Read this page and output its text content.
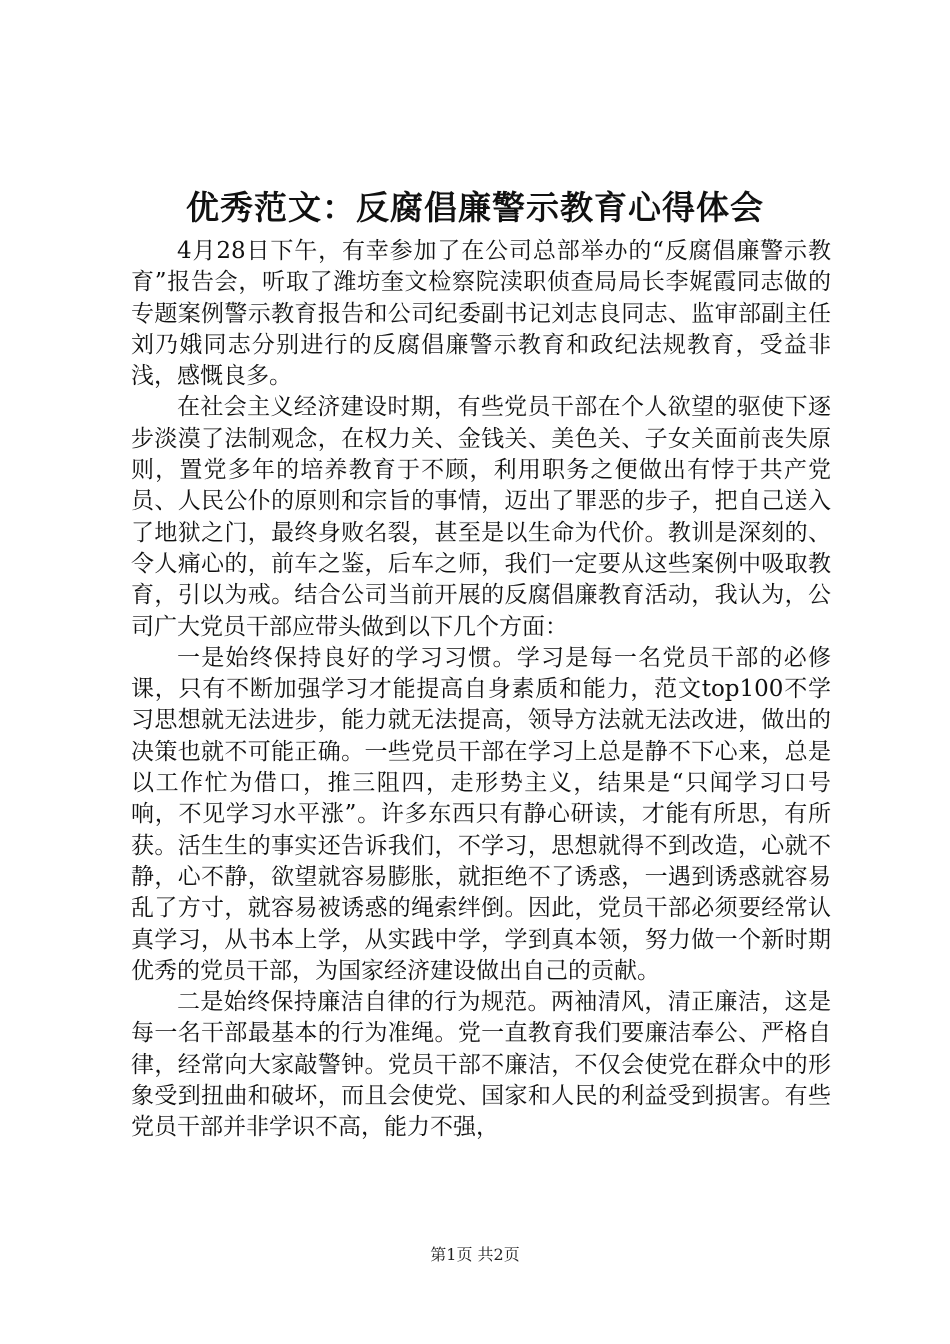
优秀范文：反腐倡廉警示教育心得体会

4月28日下午，有幸参加了在公司总部举办的“反腐倡廉警示教育”报告会，听取了潍坊奎文检察院渎职侦查局局长李娓霞同志做的专题案例警示教育报告和公司纪委副书记刘志良同志、监审部副主任刘乃娥同志分别进行的反腐倡廉警示教育和政纪法规教育，受益非浅，感慨良多。

在社会主义经济建设时期，有些党员干部在个人欲望的驱使下逐步淡漠了法制观念，在权力关、金钱关、美色关、子女关面前丧失原则，置党多年的培养教育于不顾，利用职务之便做出有悖于共产党员、人民公仆的原则和宗旨的事情，迈出了罪恶的步子，把自己送入了地狱之门，最终身败名裂，甚至是以生命为代价。教训是深刻的、令人痛心的，前车之鉴，后车之师，我们一定要从这些案例中吸取教育，引以为戒。结合公司当前开展的反腐倡廉教育活动，我认为，公司广大党员干部应带头做到以下几个方面：

一是始终保持良好的学习习惯。学习是每一名党员干部的必修课，只有不断加强学习才能提高自身素质和能力，范文top100不学习思想就无法进步，能力就无法提高，领导方法就无法改进，做出的决策也就不可能正确。一些党员干部在学习上总是静不下心来，总是以工作忙为借口，推三阻四，走形势主义，结果是“只闻学习口号响，不见学习水平涨”。许多东西只有静心研读，才能有所思，有所获。活生生的事实还告诉我们，不学习，思想就得不到改造，心就不静，心不静，欲望就容易膨胀，就拒绝不了诱惑，一遇到诱惑就容易乱了方寸，就容易被诱惑的绳索绊倒。因此，党员干部必须要经常认真学习，从书本上学，从实践中学，学到真本领，努力做一个新时期优秀的党员干部，为国家经济建设做出自己的贡献。

二是始终保持廉洁自律的行为规范。两袖清风，清正廉洁，这是每一名干部最基本的行为准绳。党一直教育我们要廉洁奉公、严格自律，经常向大家敲警钟。党员干部不廉洁，不仅会使党在群众中的形象受到扭曲和破坏，而且会使党、国家和人民的利益受到损害。有些党员干部并非学识不高，能力不强，

第1页 共2页
